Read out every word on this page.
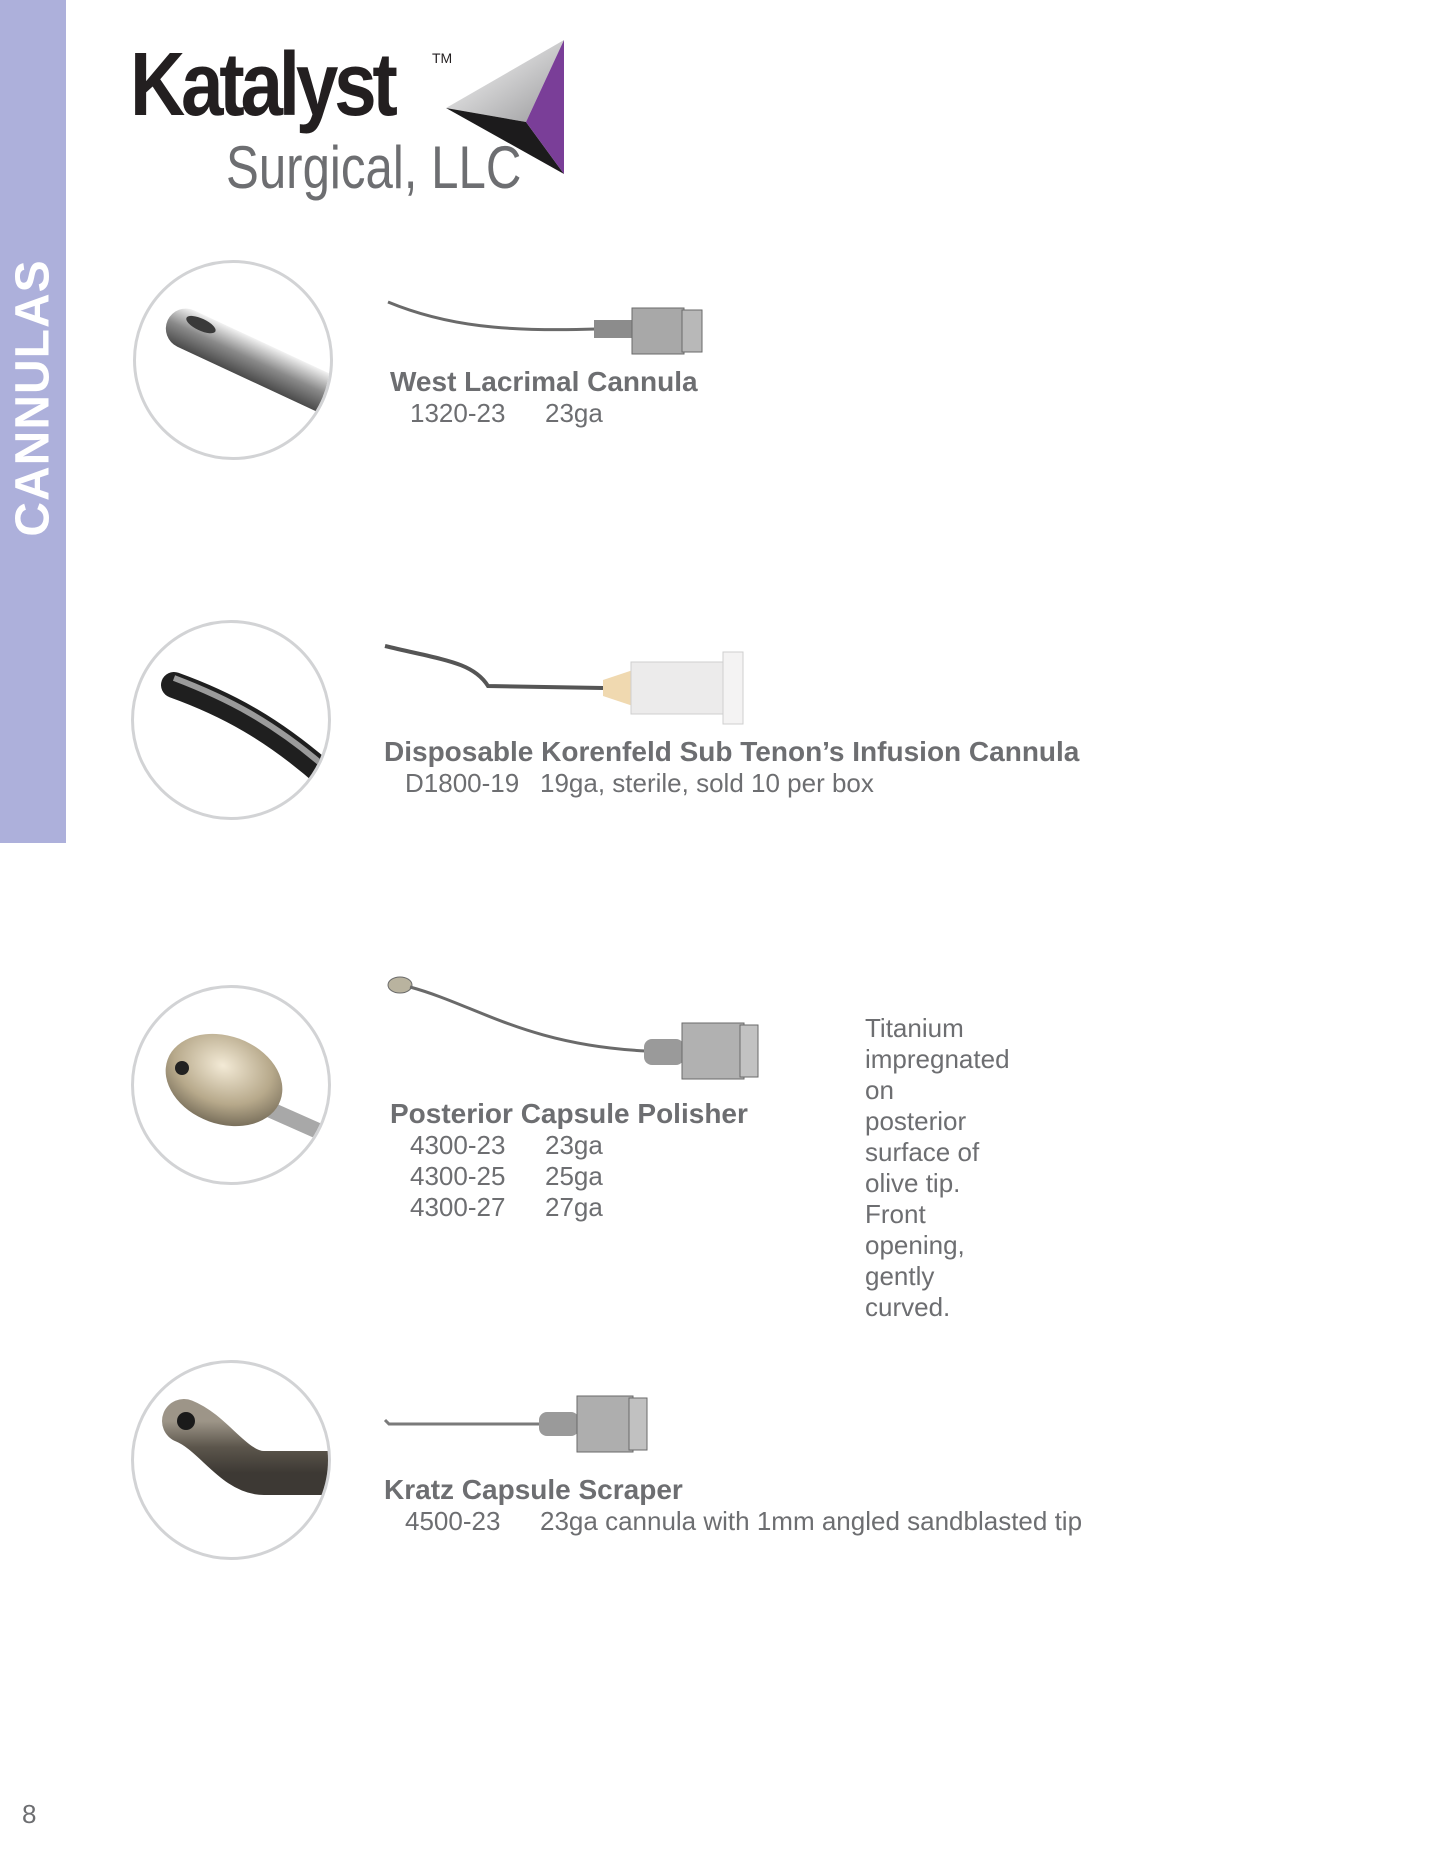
CANNULAS
Katalyst	TM
Surgical, LLC
West Lacrimal Cannula
1320-23 23ga
Disposable Korenfeld Sub Tenon’s Infusion Cannula
D1800-19 19ga, sterile, sold 10 per box
Posterior Capsule Polisher
4300-23 23ga
4300-25 25ga
4300-27 27ga
Titanium impregnated on
posterior surface of olive tip.
Front opening, gently curved.
Kratz Capsule Scraper
4500-23 23ga cannula with 1mm angled sandblasted tip
8
